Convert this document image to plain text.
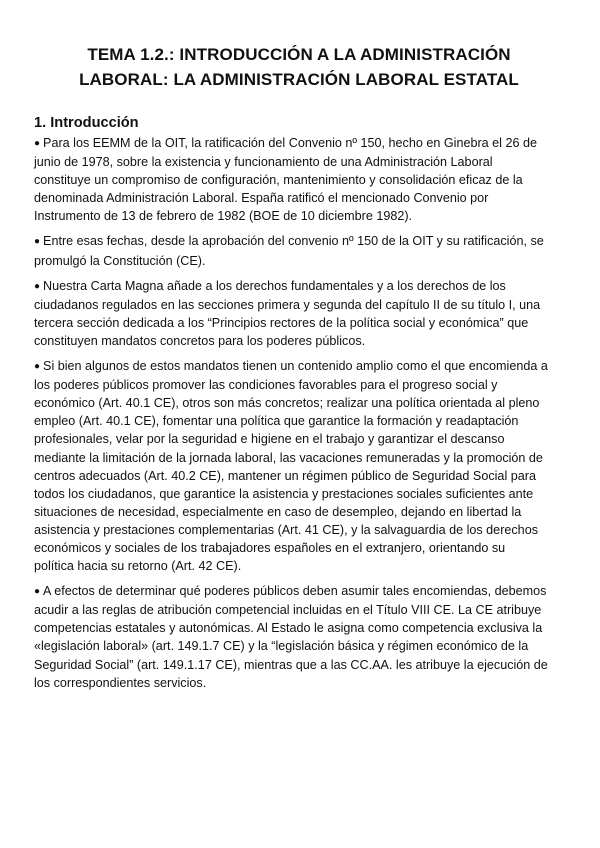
TEMA 1.2.: INTRODUCCIÓN A LA ADMINISTRACIÓN
LABORAL: LA ADMINISTRACIÓN LABORAL ESTATAL
1. Introducción

● Para los EEMM de la OIT, la ratificación del Convenio nº 150, hecho en Ginebra el 26 de junio de 1978, sobre la existencia y funcionamiento de una Administración Laboral constituye un compromiso de configuración, mantenimiento y consolidación eficaz de la denominada Administración Laboral. España ratificó el mencionado Convenio por Instrumento de 13 de febrero de 1982 (BOE de 10 diciembre 1982).

● Entre esas fechas, desde la aprobación del convenio nº 150 de la OIT y su ratificación, se promulgó la Constitución (CE).

● Nuestra Carta Magna añade a los derechos fundamentales y a los derechos de los ciudadanos regulados en las secciones primera y segunda del capítulo II de su título I, una tercera sección dedicada a los “Principios rectores de la política social y económica” que constituyen mandatos concretos para los poderes públicos.

● Si bien algunos de estos mandatos tienen un contenido amplio como el que encomienda a los poderes públicos promover las condiciones favorables para el progreso social y económico (Art. 40.1 CE), otros son más concretos; realizar una política orientada al pleno empleo (Art. 40.1 CE), fomentar una política que garantice la formación y readaptación profesionales, velar por la seguridad e higiene en el trabajo y garantizar el descanso mediante la limitación de la jornada laboral, las vacaciones remuneradas y la promoción de centros adecuados (Art. 40.2 CE), mantener un régimen público de Seguridad Social para todos los ciudadanos, que garantice la asistencia y prestaciones sociales suficientes ante situaciones de necesidad, especialmente en caso de desempleo, dejando en libertad la asistencia y prestaciones complementarias (Art. 41 CE), y la salvaguardia de los derechos económicos y sociales de los trabajadores españoles en el extranjero, orientando su política hacia su retorno (Art. 42 CE).

● A efectos de determinar qué poderes públicos deben asumir tales encomiendas, debemos acudir a las reglas de atribución competencial incluidas en el Título VIII CE. La CE atribuye competencias estatales y autonómicas. Al Estado le asigna como competencia exclusiva la «legislación laboral» (art. 149.1.7 CE) y la “legislación básica y régimen económico de la Seguridad Social” (art. 149.1.17 CE), mientras que a las CC.AA. les atribuye la ejecución de los correspondientes servicios.
